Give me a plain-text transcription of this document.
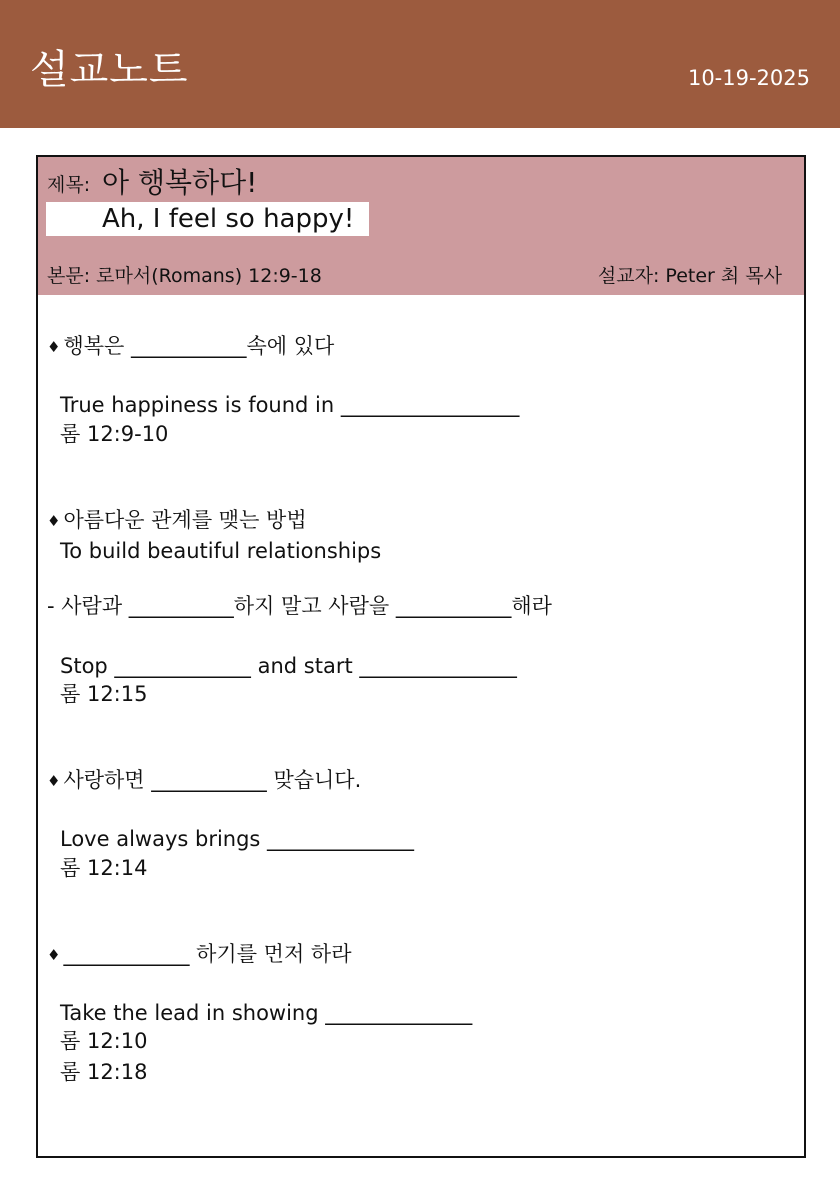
설교노트	10-19-2025
제목: 아 행복하다!
Ah, I feel so happy!
본문: 로마서(Romans) 12:9-18	설교자: Peter 최 목사
♦ 행복은 ___________속에 있다
True happiness is found in _________________
롬 12:9-10
♦ 아름다운 관계를 맺는 방법
To build beautiful relationships
- 사람과 __________하지 말고 사람을 ___________해라
Stop _____________ and start _______________
롬 12:15
♦ 사랑하면 ___________ 맞습니다.
Love always brings ______________
롬 12:14
♦ ____________ 하기를 먼저 하라
Take the lead in showing ______________
롬 12:10
롬 12:18
